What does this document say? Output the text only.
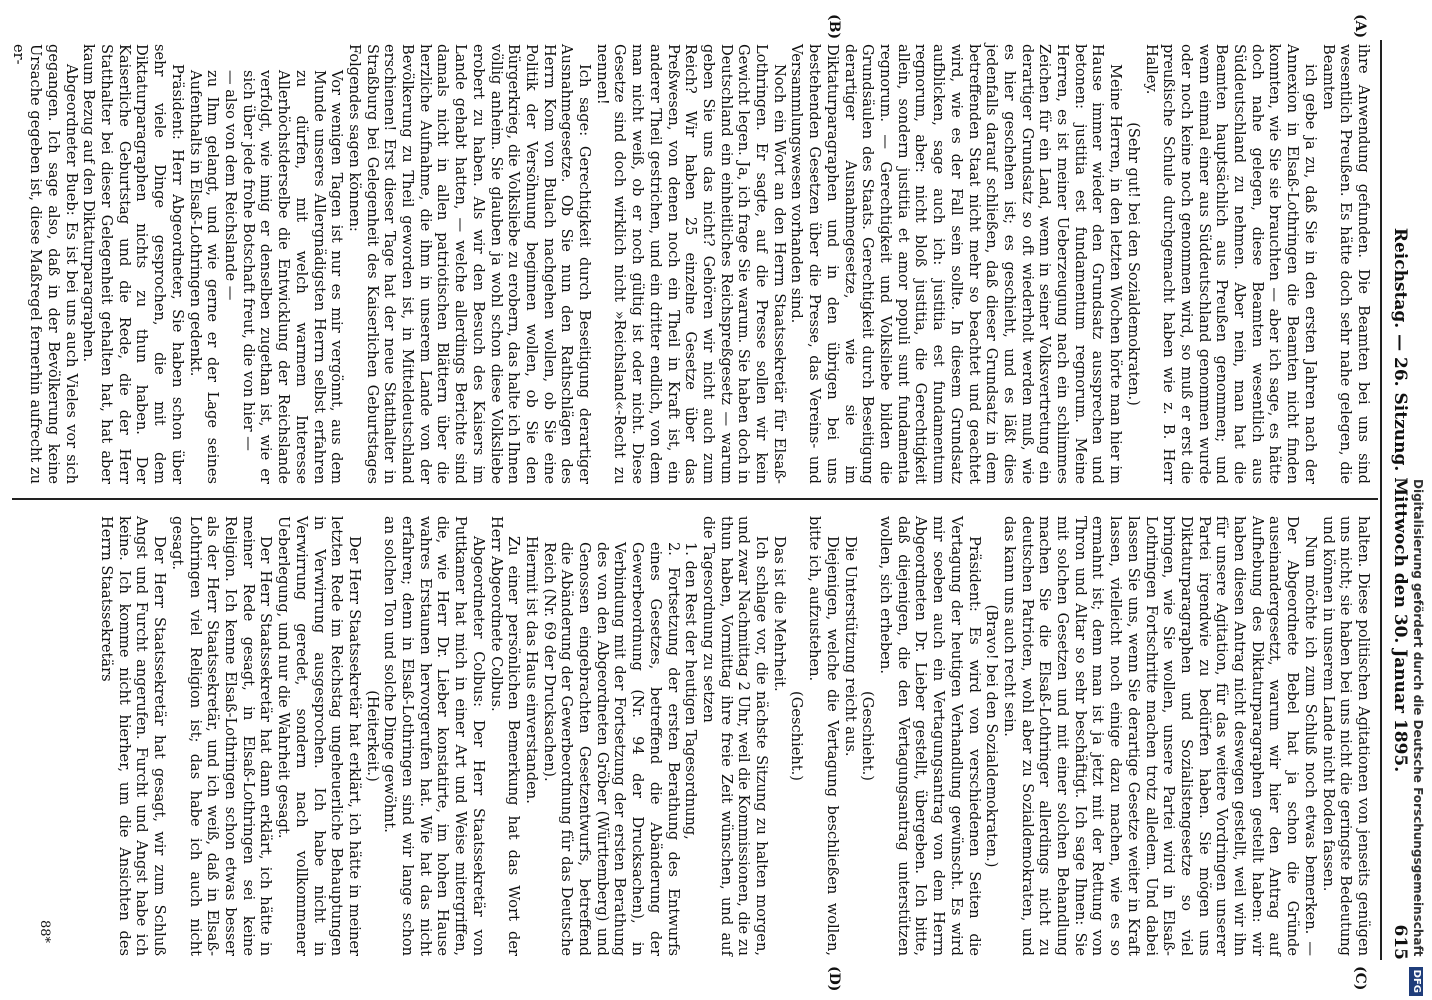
Reichstag. — 26. Sitzung. Mittwoch den 30. Januar 1895.
615
(A)
(B)
(C)
(D)

ihre Anwendung gefunden. Die Beamten bei uns sind wesentlich Preußen. Es hätte doch sehr nahe gelegen, die Beamten

ich gebe ja zu, daß Sie in den ersten Jahren nach der Annexion in Elsaß-Lothringen die Beamten nicht finden konnten, wie Sie sie brauchten — aber ich sage, es hätte doch nahe gelegen, diese Beamten wesentlich aus Süddeutschland zu nehmen. Aber nein, man hat die Beamten hauptsächlich aus Preußen genommen; und wenn einmal einer aus Süddeutschland genommen wurde oder noch keine noch genommen wird, so muß er erst die preußische Schule durchgemacht haben wie z. B. Herr Halley.

(Sehr gut! bei den Sozialdemokraten.)

Meine Herren, in den letzten Wochen hörte man hier im Hause immer wieder den Grundsatz aussprechen und betonen: justitia est fundamentum regnorum. Meine Herren, es ist meiner Ueberzeugung nach ein schlimmes Zeichen für ein Land, wenn in seiner Volksvertretung ein derartiger Grundsatz so oft wiederholt werden muß, wie es hier geschehen ist; es geschieht, und es läßt dies jedenfalls darauf schließen, daß dieser Grundsatz in dem betreffenden Staat nicht mehr so beachtet und geachtet wird, wie es der Fall sein sollte. In diesem Grundsatz aufblicken, sage auch ich: justitia est fundamentum regnorum, aber: nicht bloß justitia, die Gerechtigkeit allein, sondern justitia et amor populi sunt fundamenta regnorum. — Gerechtigkeit und Volksliebe bilden die Grundsäulen des Staats. Gerechtigkeit durch Beseitigung derartiger Ausnahmegesetze, wie sie im Diktaturparagraphen und in den übrigen bei uns bestehenden Gesetzen über die Presse, das Vereins- und Versammlungswesen vorhanden sind.

Noch ein Wort an den Herrn Staatssekretär für Elsaß-Lothringen. Er sagte, auf die Presse sollen wir kein Gewicht legen. Ja, ich frage Sie warum. Sie haben doch in Deutschland ein einheitliches Reichspreßgesetz — warum geben Sie uns das nicht? Gehören wir nicht auch zum Reich? Wir haben 25 einzelne Gesetze über das Preßwesen, von denen noch ein Theil in Kraft ist, ein anderer Theil gestrichen, und ein dritter endlich, von dem man nicht weiß, ob er noch gültig ist oder nicht. Diese Gesetze sind doch wirklich nicht »Reichsland«-Recht zu nennen!

Ich sage: Gerechtigkeit durch Beseitigung derartiger Ausnahmegesetze. Ob Sie nun den Rathschlägen des Herrn Kom von Bulach nachgehen wollen, ob Sie eine Politik der Versöhnung beginnen wollen, ob Sie den Bürgerkrieg, die Volksliebe zu erobern, das halte ich Ihnen völlig anheim. Sie glauben ja wohl schon diese Volksliebe erobert zu haben. Als wir den Besuch des Kaisers im Lande gehabt hatten, — welche allerdings Berichte sind damals nicht in allen patriotischen Blättern über die herzliche Aufnahme, die ihm in unserem Lande von der Bevölkerung zu Theil geworden ist, in Mitteldeutschland erschienen! Erst dieser Tage hat der neue Statthalter in Straßburg bei Gelegenheit des Kaiserlichen Geburtstages Folgendes sagen können:

Vor wenigen Tagen ist nur es mir vergönnt, aus dem Munde unseres Allergnädigsten Herrn selbst erfahren zu dürfen, mit welch warmem Interesse Allerhöchstderselbe die Entwicklung der Reichslande verfolgt, wie innig er denselben zugethan ist, wie er sich über jede frohe Botschaft freut, die von hier —

— also von dem Reichslande —

zu Ihm gelangt, und wie gerne er der Lage seines Aufenthalts in Elsaß-Lothringen gedenkt.

Präsident: Herr Abgeordneter, Sie haben schon über sehr viele Dinge gesprochen, die mit dem Diktaturparagraphen nichts zu thun haben. Der Kaiserliche Geburtstag und die Rede, die der Herr Statthalter bei dieser Gelegenheit gehalten hat, hat aber kaum Bezug auf den Diktaturparagraphen.

Abgeordneter Bueb: Es ist bei uns auch Vieles vor sich gegangen. Ich sage also, daß in der Bevölkerung keine Ursache gegeben ist, diese Maßregel fernerhin aufrecht zu er-

halten. Diese politischen Agitationen von jenseits genügen uns nicht; sie haben bei uns nicht die geringste Bedeutung und können in unserem Lande nicht Boden fassen.

Nun möchte ich zum Schluß noch etwas bemerken. — Der Abgeordnete Bebel hat ja schon die Gründe auseinandergesetzt, warum wir hier den Antrag auf Aufhebung des Diktaturparagraphen gestellt haben: wir haben diesen Antrag nicht deswegen gestellt, weil wir ihn für unsere Agitation, für das weitere Vordringen unserer Partei irgendwie zu bedürfen haben. Sie mögen uns Diktaturparagraphen und Sozialistengesetze so viel bringen, wie Sie wollen, unsere Partei wird in Elsaß-Lothringen Fortschritte machen trotz alledem. Und dabei lassen Sie uns, wenn Sie derartige Gesetze weiter in Kraft lassen, vielleicht noch einige dazu machen, wie es so ermahnt ist; denn man ist ja jetzt mit der Rettung von Thron und Altar so sehr beschäftigt. Ich sage Ihnen: Sie mit solchen Gesetzen und mit einer solchen Behandlung machen Sie die Elsaß-Lothringer allerdings nicht zu deutschen Patrioten, wohl aber zu Sozialdemokraten, und das kann uns auch recht sein.

(Bravo! bei den Sozialdemokraten.)

Präsident: Es wird von verschiedenen Seiten die Vertagung der heutigen Verhandlung gewünscht. Es wird mir soeben auch ein Vertagungsantrag von dem Herrn Abgeordneten Dr. Lieber gestellt, übergeben. Ich bitte, daß diejenigen, die den Vertagungsantrag unterstützen wollen, sich erheben.

(Geschieht.)

Die Unterstützung reicht aus.

Diejenigen, welche die Vertagung beschließen wollen, bitte ich, aufzustehen.

(Geschieht.)

Das ist die Mehrheit.

Ich schlage vor, die nächste Sitzung zu halten morgen, und zwar Nachmittag 2 Uhr, weil die Kommissionen, die zu thun haben, Vormittag ihre freie Zeit wünschen, und auf die Tagesordnung zu setzen

1. den Rest der heutigen Tagesordnung,

2. Fortsetzung der ersten Berathung des Entwurfs eines Gesetzes, betreffend die Abänderung der Gewerbeordnung (Nr. 94 der Drucksachen), in Verbindung mit der Fortsetzung der ersten Berathung des von den Abgeordneten Gröber (Württemberg) und Genossen eingebrachten Gesetzentwurfs, betreffend die Abänderung der Gewerbeordnung für das Deutsche Reich (Nr. 69 der Drucksachen).

Hiermit ist das Haus einverstanden.

Zu einer persönlichen Bemerkung hat das Wort der Herr Abgeordnete Colbus.

Abgeordneter Colbus: Der Herr Staatssekretär von Puttkamer hat mich in einer Art und Weise mitergriffen, die, wie Herr Dr. Lieber konstatirte, im hohen Hause wahres Erstaunen hervorgerufen hat. Wie hat das nicht erfahren; denn in Elsaß-Lothringen sind wir lange schon an solchen Ton und solche Dinge gewöhnt.

(Heiterkeit.)

Der Herr Staatssekretär hat erklärt, ich hätte in meiner letzten Rede im Reichstag ungeheuerliche Behauptungen in Verwirrung ausgesprochen. Ich habe nicht in Verwirrung geredet, sondern nach vollkommener Ueberlegung, und nur die Wahrheit gesagt.

Der Herr Staatssekretär hat dann erklärt, ich hätte in meiner Rede gesagt, in Elsaß-Lothringen sei keine Religion. Ich kenne Elsaß-Lothringen schon etwas besser als der Herr Staatssekretär, und ich weiß, daß in Elsaß-Lothringen viel Religion ist; das habe ich auch nicht gesagt.

Der Herr Staatssekretär hat gesagt, wir zum Schluß Angst und Furcht angerufen. Furcht und Angst habe ich keine. Ich komme nicht hierher, um die Ansichten des Herrn Staatssekretärs

88*	Digitalisierung gefördert durch die Deutsche Forschungsgemeinschaft DFG
